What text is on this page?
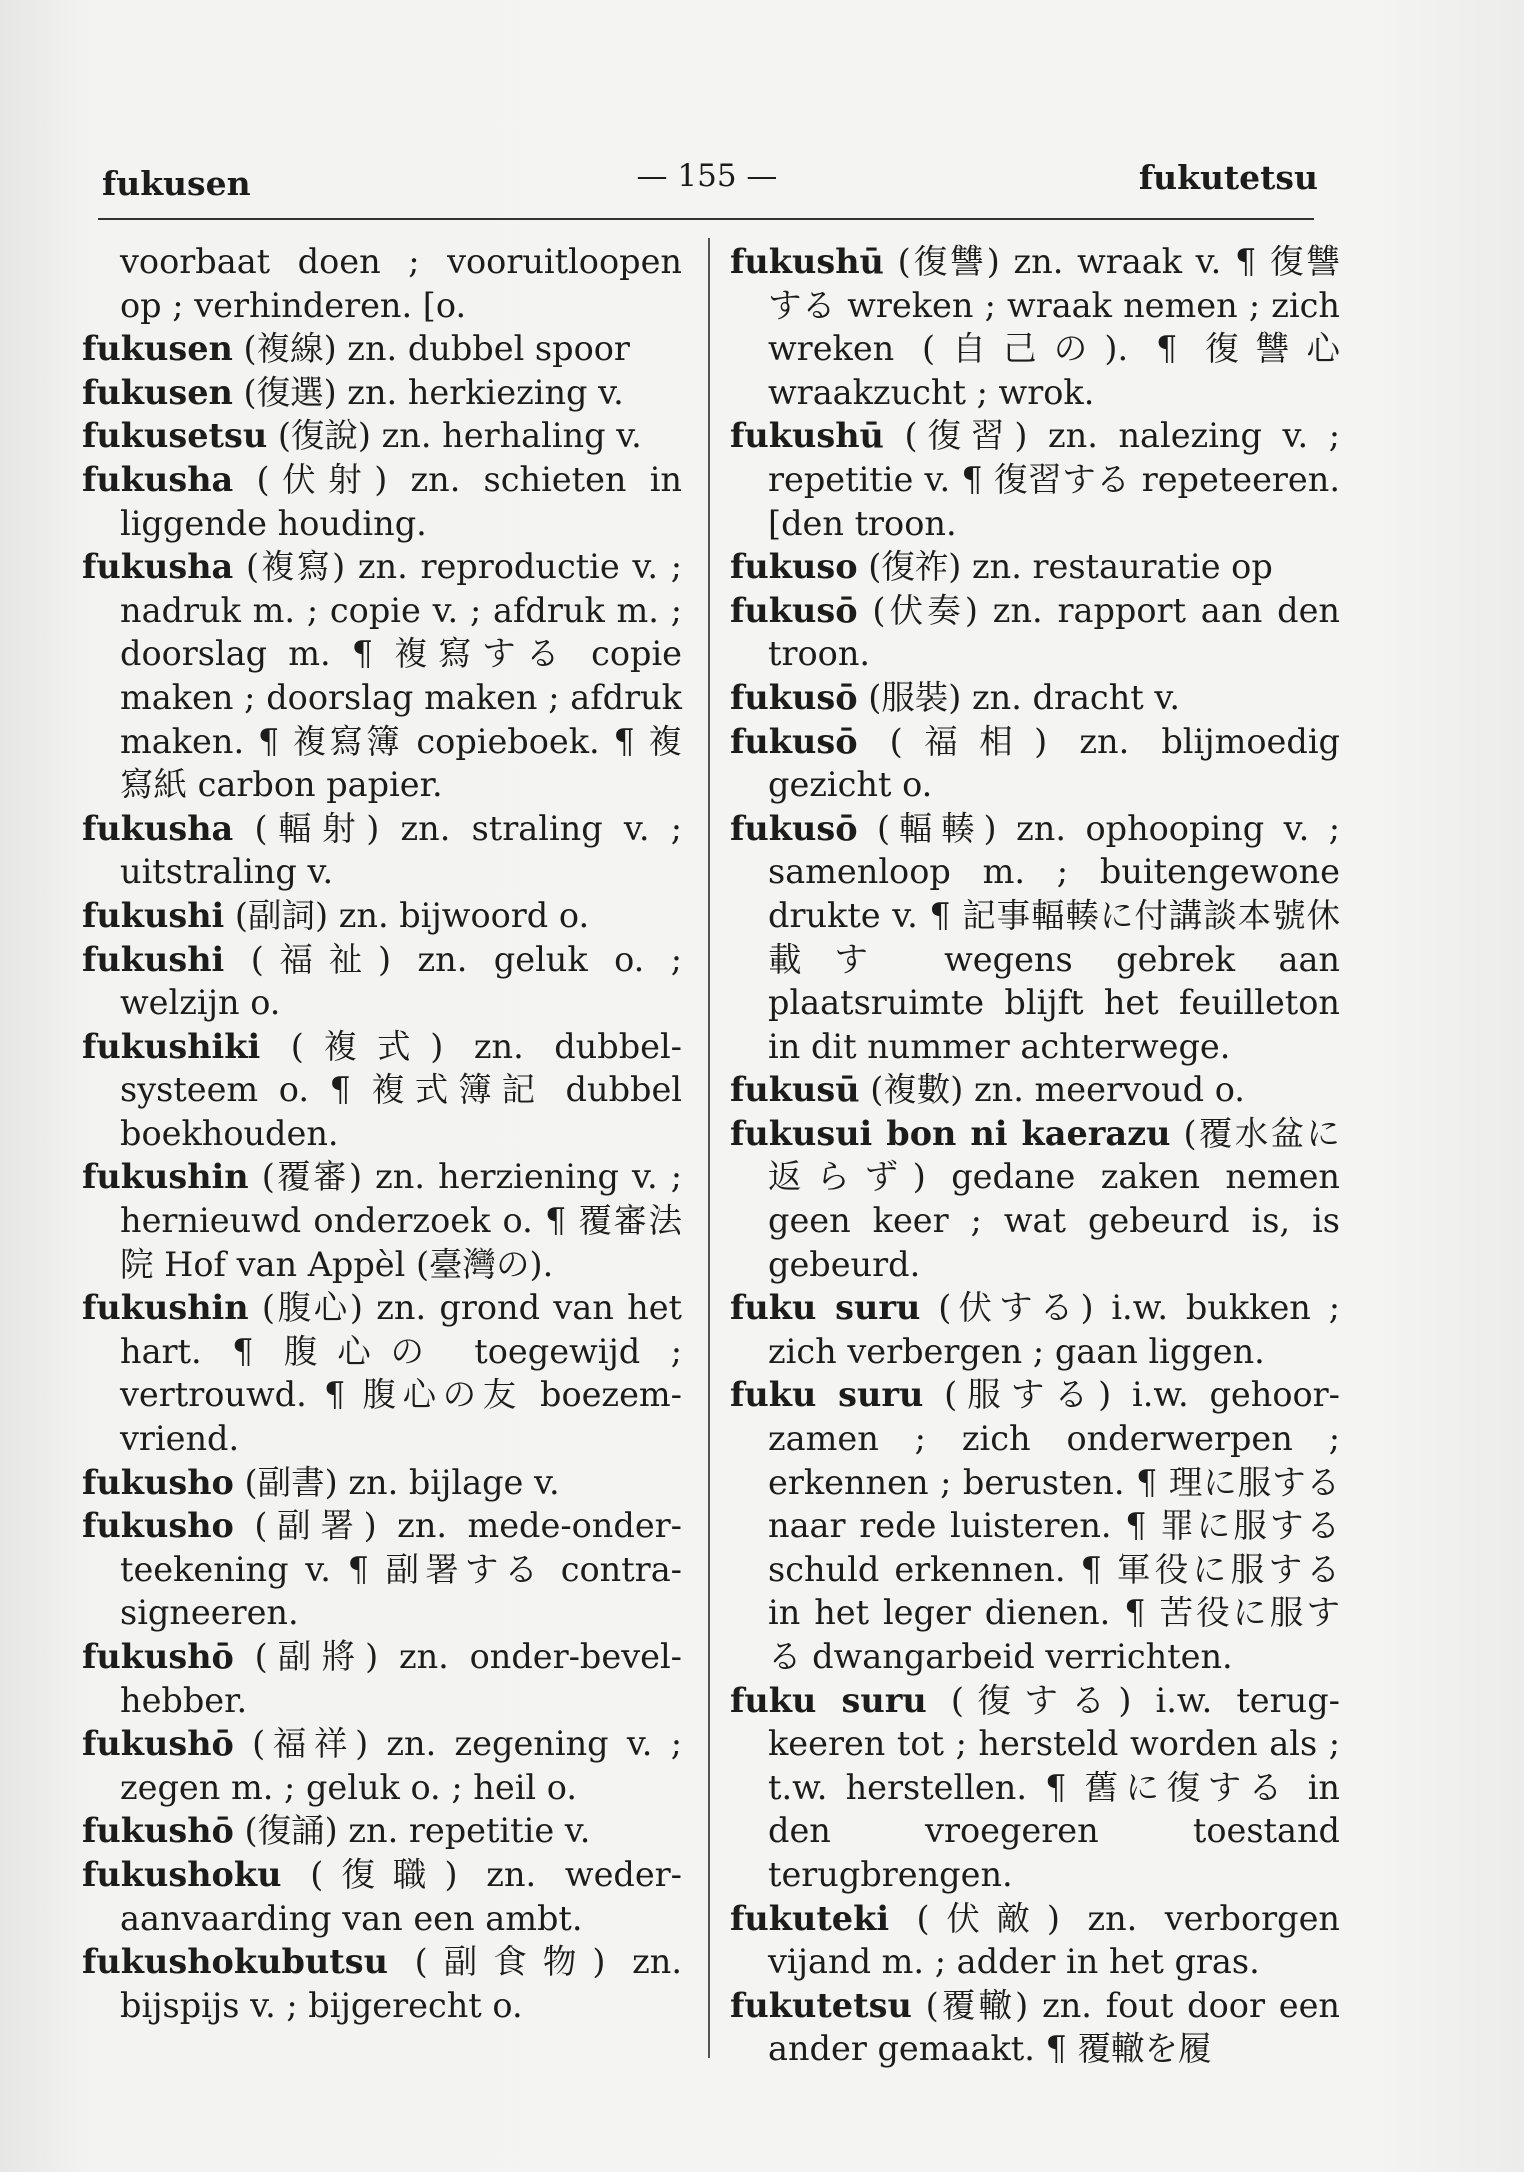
fukusen	— 155 —	fukutetsu

voorbaat doen ; vooruitloopen op ; verhinderen. [o.

fukusen (複線) zn. dubbel spoor

fukusen (復選) zn. herkiezing v.

fukusetsu (復說) zn. herhaling v.

fukusha (伏射) zn. schieten in liggende houding.

fukusha (複寫) zn. reproductie v. ; nadruk m. ; copie v. ; afdruk m. ; doorslag m. ¶ 複寫する copie maken ; doorslag maken ; afdruk maken. ¶ 複寫簿 copieboek. ¶ 複寫紙 carbon papier.

fukusha (輻射) zn. straling v. ; uitstraling v.

fukushi (副詞) zn. bijwoord o.

fukushi (福祉) zn. geluk o. ; welzijn o.

fukushiki (複式) zn. dubbel-systeem o. ¶ 複式簿記 dubbel boekhouden.

fukushin (覆審) zn. herziening v. ; hernieuwd onderzoek o. ¶ 覆審法院 Hof van Appèl (臺灣の).

fukushin (腹心) zn. grond van het hart. ¶ 腹心の toegewijd ; vertrouwd. ¶ 腹心の友 boezem-vriend.

fukusho (副書) zn. bijlage v.

fukusho (副署) zn. mede-onder-teekening v. ¶ 副署する contra-signeeren.

fukushō (副將) zn. onder-bevel-hebber.

fukushō (福祥) zn. zegening v. ; zegen m. ; geluk o. ; heil o.

fukushō (復誦) zn. repetitie v.

fukushoku (復職) zn. weder-aanvaarding van een ambt.

fukushokubutsu (副食物) zn. bijspijs v. ; bijgerecht o.

fukushū (復讐) zn. wraak v. ¶ 復讐する wreken ; wraak nemen ; zich wreken (自己の). ¶ 復讐心 wraakzucht ; wrok.

fukushū (復習) zn. nalezing v. ; repetitie v. ¶ 復習する repeteeren. [den troon.

fukuso (復祚) zn. restauratie op

fukusō (伏奏) zn. rapport aan den troon.

fukusō (服裝) zn. dracht v.

fukusō (福相) zn. blijmoedig gezicht o.

fukusō (輻輳) zn. ophooping v. ; samenloop m. ; buitengewone drukte v. ¶ 記事輻輳に付講談本號休載す wegens gebrek aan plaatsruimte blijft het feuilleton in dit nummer achterwege.

fukusū (複數) zn. meervoud o.

fukusui bon ni kaerazu (覆水盆に返らず) gedane zaken nemen geen keer ; wat gebeurd is, is gebeurd.

fuku suru (伏する) i.w. bukken ; zich verbergen ; gaan liggen.

fuku suru (服する) i.w. gehoor-zamen ; zich onderwerpen ; erkennen ; berusten. ¶ 理に服する naar rede luisteren. ¶ 罪に服する schuld erkennen. ¶ 軍役に服する in het leger dienen. ¶ 苦役に服する dwangarbeid verrichten.

fuku suru (復する) i.w. terug-keeren tot ; hersteld worden als ; t.w. herstellen. ¶ 舊に復する in den vroegeren toestand terugbrengen.

fukuteki (伏敵) zn. verborgen vijand m. ; adder in het gras.

fukutetsu (覆轍) zn. fout door een ander gemaakt. ¶ 覆轍を履
